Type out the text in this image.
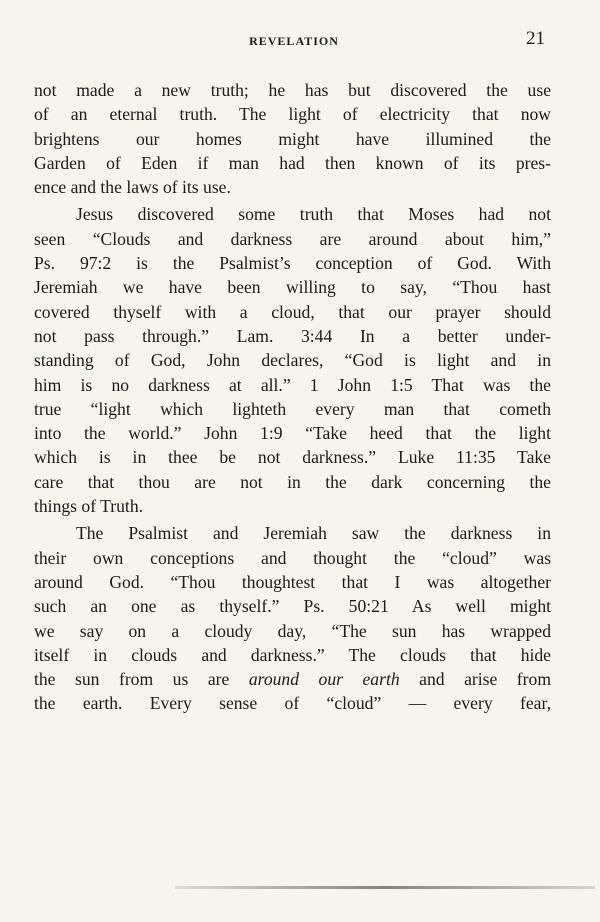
REVELATION	21
not made a new truth; he has but discovered the use
of an eternal truth. The light of electricity that now
brightens our homes might have illumined the
Garden of Eden if man had then known of its pres-
ence and the laws of its use.
Jesus discovered some truth that Moses had not
seen “Clouds and darkness are around about him,”
Ps. 97:2 is the Psalmist’s conception of God. With
Jeremiah we have been willing to say, “Thou hast
covered thyself with a cloud, that our prayer should
not pass through.” Lam. 3:44 In a better under-
standing of God, John declares, “God is light and in
him is no darkness at all.” 1 John 1:5 That was the
true “light which lighteth every man that cometh
into the world.” John 1:9 “Take heed that the light
which is in thee be not darkness.” Luke 11:35 Take
care that thou are not in the dark concerning the
things of Truth.
The Psalmist and Jeremiah saw the darkness in
their own conceptions and thought the “cloud” was
around God. “Thou thoughtest that I was altogether
such an one as thyself.” Ps. 50:21 As well might
we say on a cloudy day, “The sun has wrapped
itself in clouds and darkness.” The clouds that hide
the sun from us are around our earth and arise from
the earth. Every sense of “cloud” — every fear,
